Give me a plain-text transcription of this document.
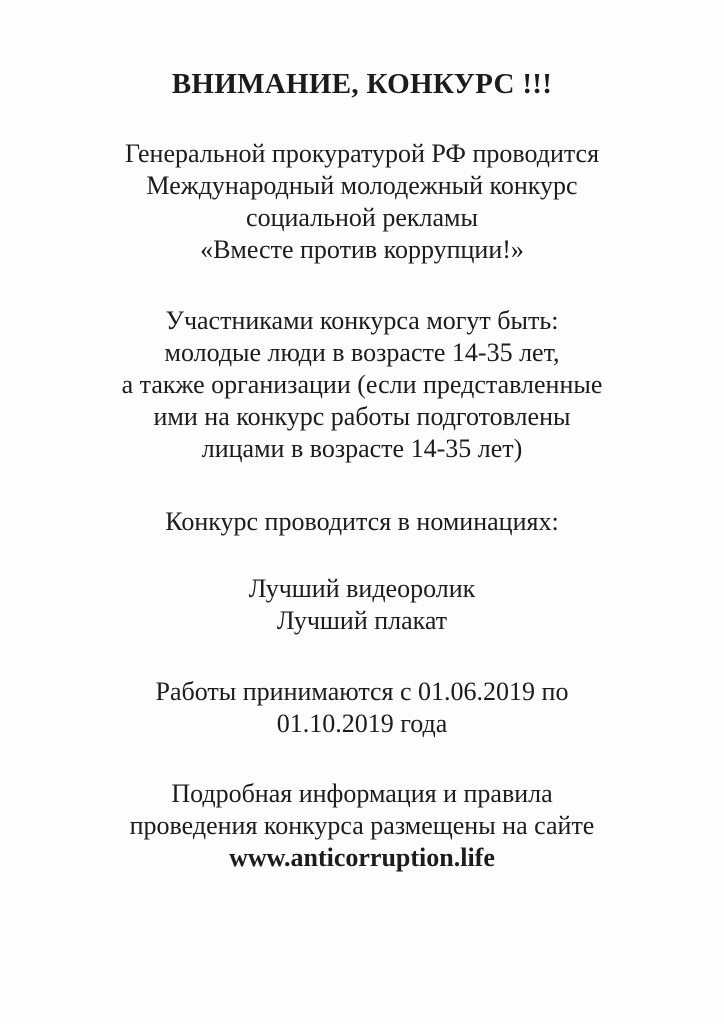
ВНИМАНИЕ, КОНКУРС !!!
Генеральной прокуратурой РФ проводится
Международный молодежный конкурс
социальной рекламы
«Вместе против коррупции!»
Участниками конкурса могут быть:
молодые люди в возрасте 14-35 лет,
а также организации (если представленные
ими на конкурс работы подготовлены
лицами в возрасте 14-35 лет)
Конкурс проводится в номинациях:
Лучший видеоролик
Лучший плакат
Работы принимаются с 01.06.2019 по
01.10.2019 года
Подробная информация и правила
проведения конкурса размещены на сайте
www.anticorruption.life
